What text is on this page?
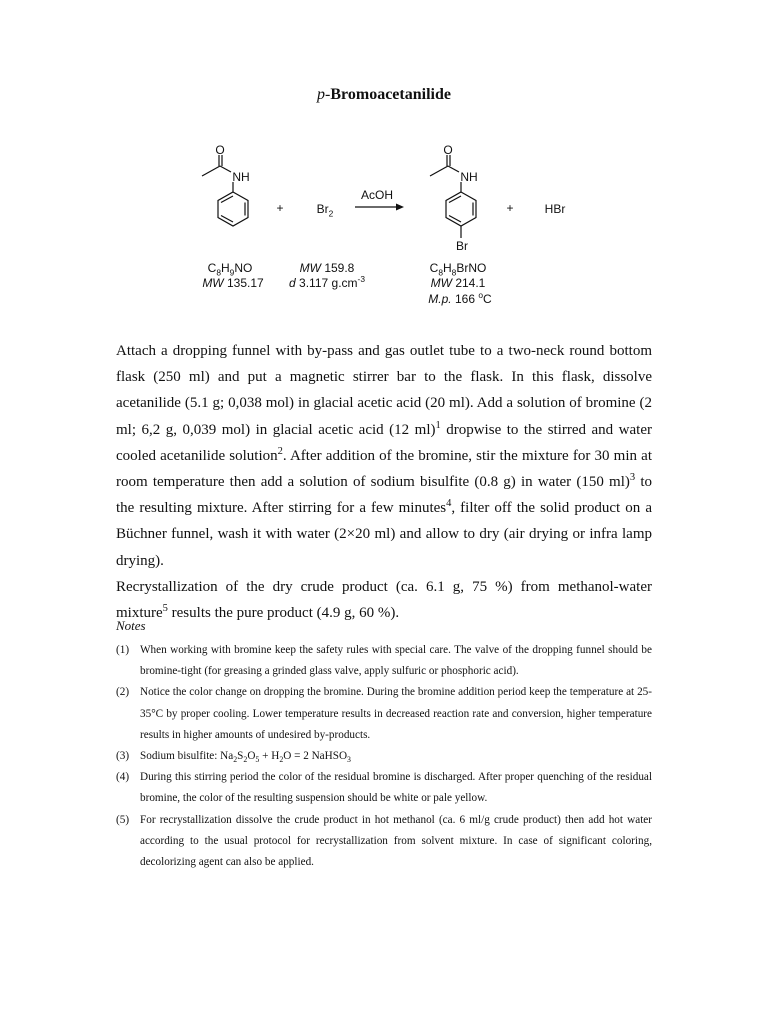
p-Bromoacetanilide
O
NH
O
NH
Br
+	$Br_2$
AcOH
+	HBr
$C_8H_9NO$
MW 135.17
MW 159.8
d 3.117 $g.cm^{-3}$
$C_8H_8BrNO$
MW 214.1
M.p. 166 $^o$C

Attach a dropping funnel with by-pass and gas outlet tube to a two-neck round bottom flask (250 ml) and put a magnetic stirrer bar to the flask. In this flask, dissolve acetanilide (5.1 g; 0,038 mol) in glacial acetic acid (20 ml). Add a solution of bromine (2 ml; 6,2 g, 0,039 mol) in glacial acetic acid (12 ml)$^1$ dropwise to the stirred and water cooled acetanilide solution$^2$. After addition of the bromine, stir the mixture for 30 min at room temperature then add a solution of sodium bisulfite (0.8 g) in water (150 ml)$^3$ to the resulting mixture. After stirring for a few minutes$^4$, filter off the solid product on a Büchner funnel, wash it with water (2×20 ml) and allow to dry (air drying or infra lamp drying).

Recrystallization of the dry crude product (ca. 6.1 g, 75 %) from methanol-water mixture$^5$ results the pure product (4.9 g, 60 %).

Notes
(1) When working with bromine keep the safety rules with special care. The valve of the dropping funnel should be bromine-tight (for greasing a grinded glass valve, apply sulfuric or phosphoric acid).
(2) Notice the color change on dropping the bromine. During the bromine addition period keep the temperature at 25-35°C by proper cooling. Lower temperature results in decreased reaction rate and conversion, higher temperature results in higher amounts of undesired by-products.
(3) Sodium bisulfite: $Na_2S_2O_5 + H_2O = 2$ NaHSO$_3$
(4) During this stirring period the color of the residual bromine is discharged. After proper quenching of the residual bromine, the color of the resulting suspension should be white or pale yellow.
(5) For recrystallization dissolve the crude product in hot methanol (ca. 6 ml/g crude product) then add hot water according to the usual protocol for recrystallization from solvent mixture. In case of significant coloring, decolorizing agent can also be applied.
